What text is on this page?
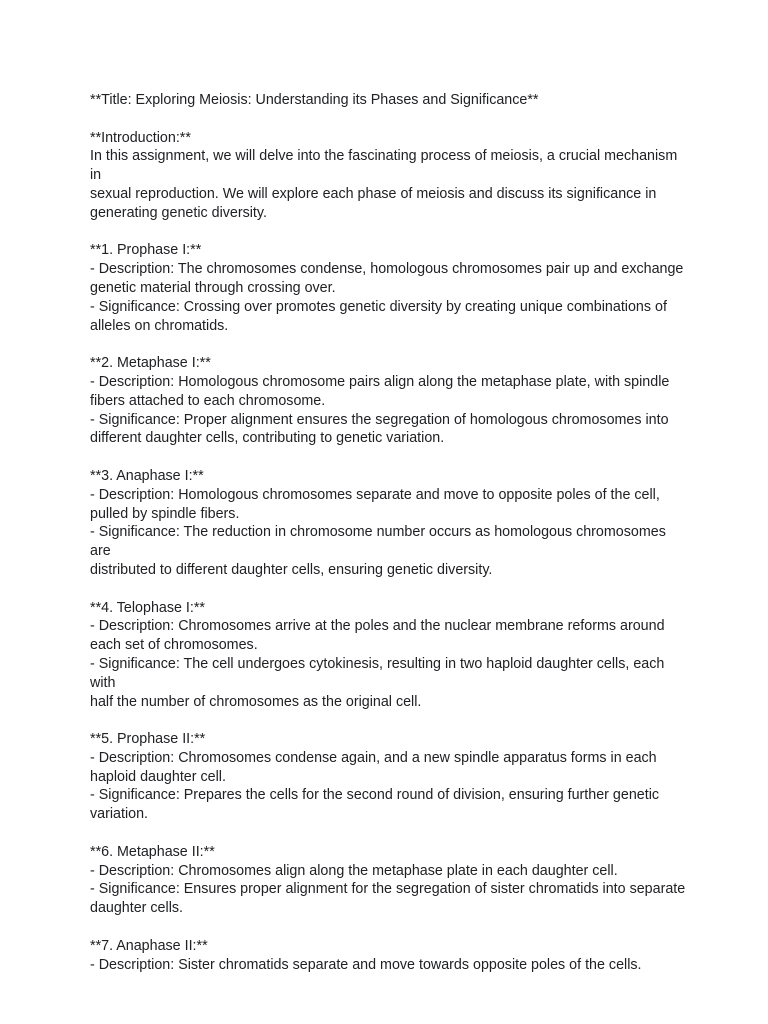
**Title: Exploring Meiosis: Understanding its Phases and Significance**
**Introduction:**
In this assignment, we will delve into the fascinating process of meiosis, a crucial mechanism in
sexual reproduction. We will explore each phase of meiosis and discuss its significance in
generating genetic diversity.
**1. Prophase I:**
- Description: The chromosomes condense, homologous chromosomes pair up and exchange
genetic material through crossing over.
- Significance: Crossing over promotes genetic diversity by creating unique combinations of
alleles on chromatids.
**2. Metaphase I:**
- Description: Homologous chromosome pairs align along the metaphase plate, with spindle
fibers attached to each chromosome.
- Significance: Proper alignment ensures the segregation of homologous chromosomes into
different daughter cells, contributing to genetic variation.
**3. Anaphase I:**
- Description: Homologous chromosomes separate and move to opposite poles of the cell,
pulled by spindle fibers.
- Significance: The reduction in chromosome number occurs as homologous chromosomes are
distributed to different daughter cells, ensuring genetic diversity.
**4. Telophase I:**
- Description: Chromosomes arrive at the poles and the nuclear membrane reforms around
each set of chromosomes.
- Significance: The cell undergoes cytokinesis, resulting in two haploid daughter cells, each with
half the number of chromosomes as the original cell.
**5. Prophase II:**
- Description: Chromosomes condense again, and a new spindle apparatus forms in each
haploid daughter cell.
- Significance: Prepares the cells for the second round of division, ensuring further genetic
variation.
**6. Metaphase II:**
- Description: Chromosomes align along the metaphase plate in each daughter cell.
- Significance: Ensures proper alignment for the segregation of sister chromatids into separate
daughter cells.
**7. Anaphase II:**
- Description: Sister chromatids separate and move towards opposite poles of the cells.
